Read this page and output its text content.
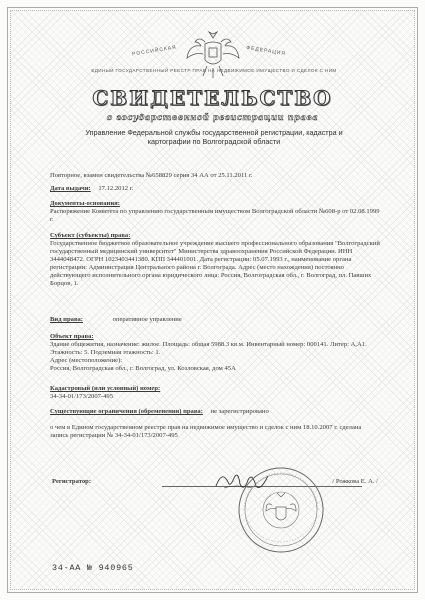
РОССИЙСКАЯ	ФЕДЕРАЦИЯ
ЕДИНЫЙ ГОСУДАРСТВЕННЫЙ РЕЕСТР ПРАВ НА НЕДВИЖИМОЕ ИМУЩЕСТВО И СДЕЛОК С НИМ
СВИДЕТЕЛЬСТВО
о государственной регистрации права
Управление Федеральной службы государственной регистрации, кадастра и картографии по Волгоградской области
Повторное, взамен свидетельства №658829 серия 34 АА от 25.11.2011 г.
Дата выдачи: 17.12.2012 г.
Документы-основания:
Распоряжение Комитета по управлению государственным имуществом Волгоградской области №608-р от 02.08.1999 г.
Субъект (субъекты) права:
Государственное бюджетное образовательное учреждение высшего профессионального образования "Волгоградский государственный медицинский университет" Министерства здравоохранения Российской Федерации. ИНН 3444048472. ОГРН 1023403441380. КПП 344401001. Дата регистрации: 05.07.1993 г., наименование органа регистрации: Администрация Центрального района г. Волгограда. Адрес (место нахождения) постоянно действующего исполнительного органа юридического лица: Россия, Волгоградская обл., г. Волгоград, пл. Павших Борцов, 1.
Вид права:	оперативное управление
Объект права:
Здание общежития, назначение: жилое. Площадь: общая 5988.3 кв.м. Инвентарный номер: 000141. Литер: А,А1. Этажность: 5. Подземная этажность: 1.
Адрес (местоположение):
Россия, Волгоградская обл., г. Волгоград, ул. Козловская, дом 45А
Кадастровый (или условный) номер:
34-34-01/173/2007-495
Существующие ограничения (обременения) права: не зарегистрировано
о чем в Едином государственном реестре прав на недвижимое имущество и сделок с ним 18.10.2007 г. сделана запись регистрации № 34-34-01/173/2007-495
Регистратор:	/ Рожкова Е. А. /
34-АА № 940965
